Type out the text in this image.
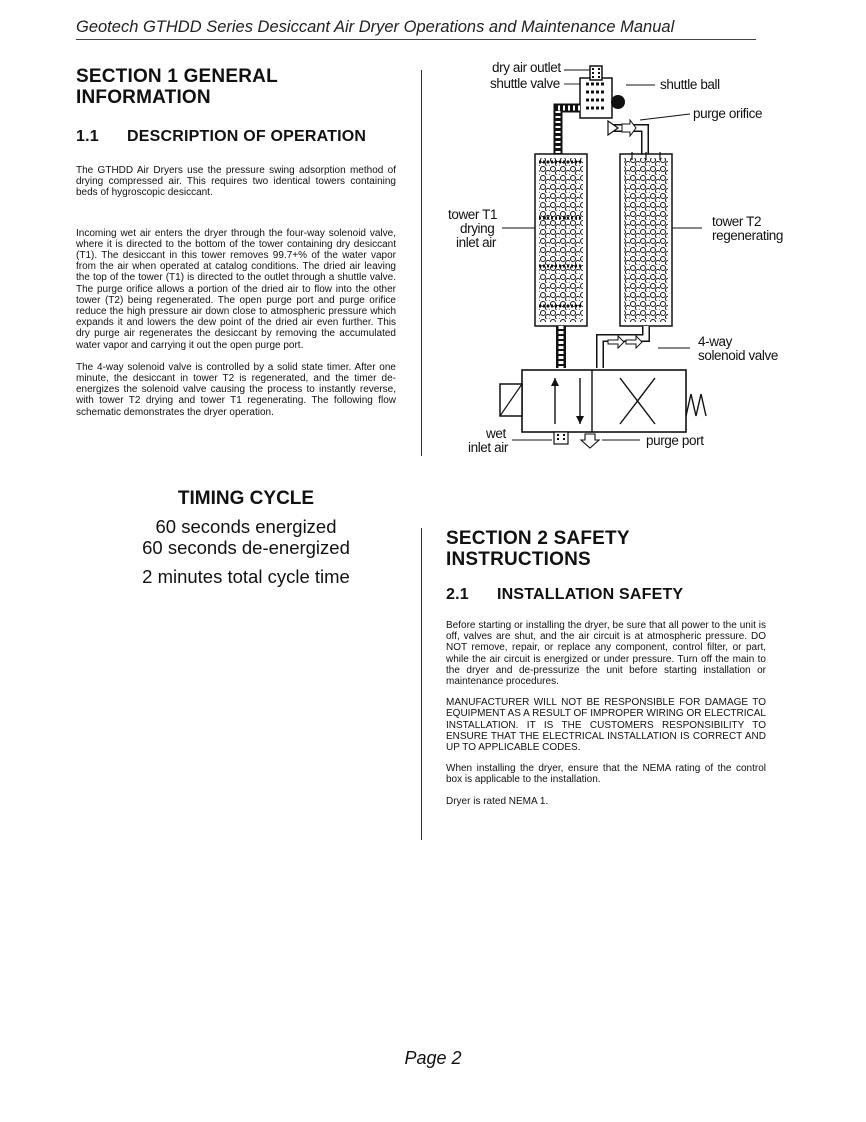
Geotech GTHDD Series Desiccant Air Dryer Operations and Maintenance Manual
SECTION 1 GENERAL
INFORMATION
1.1	DESCRIPTION OF OPERATION

The GTHDD Air Dryers use the pressure swing adsorption method of drying compressed air. This requires two identical towers containing beds of hygroscopic desiccant.

Incoming wet air enters the dryer through the four-way solenoid valve, where it is directed to the bottom of the tower containing dry desiccant (T1). The desiccant in this tower removes 99.7+% of the water vapor from the air when operated at catalog conditions. The dried air leaving the top of the tower (T1) is directed to the outlet through a shuttle valve. The purge orifice allows a portion of the dried air to flow into the other tower (T2) being regenerated. The open purge port and purge orifice reduce the high pressure air down close to atmospheric pressure which expands it and lowers the dew point of the dried air even further. This dry purge air regenerates the desiccant by removing the accumulated water vapor and carrying it out the open purge port.

The 4-way solenoid valve is controlled by a solid state timer. After one minute, the desiccant in tower T2 is regenerated, and the timer de-energizes the solenoid valve causing the process to instantly reverse, with tower T2 drying and tower T1 regenerating. The following flow schematic demonstrates the dryer operation.

TIMING CYCLE
60 seconds energized
60 seconds de-energized
2 minutes total cycle time
dry air outlet
shuttle valve	shuttle ball
purge orifice
tower T1
drying
inlet air
tower T2
regenerating
4-way
solenoid valve
wet
inlet air	purge port
SECTION 2 SAFETY
INSTRUCTIONS
2.1	INSTALLATION SAFETY

Before starting or installing the dryer, be sure that all power to the unit is off, valves are shut, and the air circuit is at atmospheric pressure. DO NOT remove, repair, or replace any component, control filter, or part, while the air circuit is energized or under pressure. Turn off the main to the dryer and de-pressurize the unit before starting installation or maintenance procedures.

MANUFACTURER WILL NOT BE RESPONSIBLE FOR DAMAGE TO EQUIPMENT AS A RESULT OF IMPROPER WIRING OR ELECTRICAL INSTALLATION. IT IS THE CUSTOMERS RESPONSIBILITY TO ENSURE THAT THE ELECTRICAL INSTALLATION IS CORRECT AND UP TO APPLICABLE CODES.

When installing the dryer, ensure that the NEMA rating of the control box is applicable to the installation.

Dryer is rated NEMA 1.

Page 2
